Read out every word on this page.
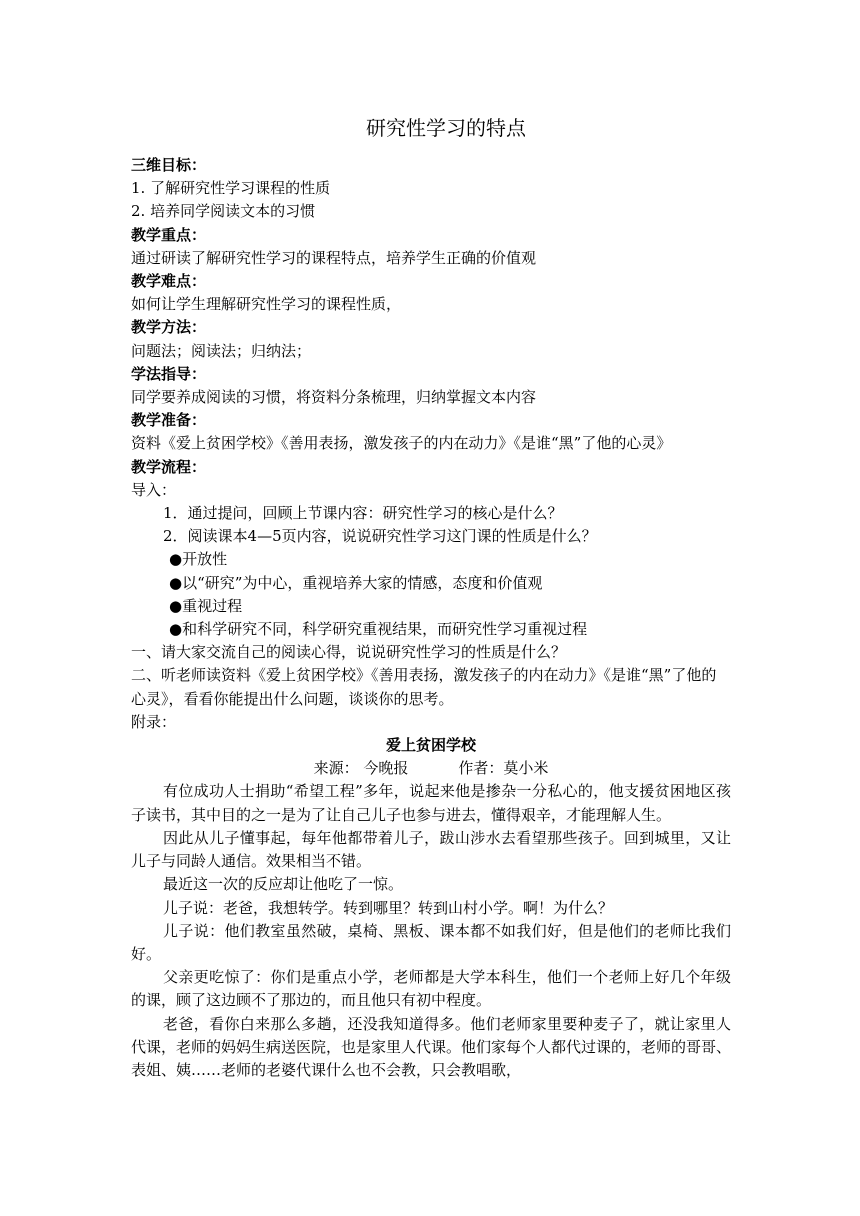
研究性学习的特点
三维目标：
1. 了解研究性学习课程的性质
2. 培养同学阅读文本的习惯
教学重点：
通过研读了解研究性学习的课程特点，培养学生正确的价值观
教学难点：
如何让学生理解研究性学习的课程性质，
教学方法：
问题法；阅读法；归纳法；
学法指导：
同学要养成阅读的习惯，将资料分条梳理，归纳掌握文本内容
教学准备：
资料《爱上贫困学校》《善用表扬，激发孩子的内在动力》《是谁“黑”了他的心灵》
教学流程：
导入：
1．通过提问，回顾上节课内容：研究性学习的核心是什么？
2．阅读课本4—5页内容，说说研究性学习这门课的性质是什么？
●开放性
●以“研究”为中心，重视培养大家的情感，态度和价值观
●重视过程
●和科学研究不同，科学研究重视结果，而研究性学习重视过程
一、请大家交流自己的阅读心得，说说研究性学习的性质是什么？
二、听老师读资料《爱上贫困学校》《善用表扬，激发孩子的内在动力》《是谁“黑”了他的心灵》，看看你能提出什么问题，谈谈你的思考。
附录：
爱上贫困学校
来源： 今晚报	作者：莫小米
有位成功人士捐助“希望工程”多年，说起来他是掺杂一分私心的，他支援贫困地区孩子读书，其中目的之一是为了让自己儿子也参与进去，懂得艰辛，才能理解人生。
因此从儿子懂事起，每年他都带着儿子，跋山涉水去看望那些孩子。回到城里，又让儿子与同龄人通信。效果相当不错。
最近这一次的反应却让他吃了一惊。
儿子说：老爸，我想转学。转到哪里？转到山村小学。啊！为什么？
儿子说：他们教室虽然破，桌椅、黑板、课本都不如我们好，但是他们的老师比我们好。
父亲更吃惊了：你们是重点小学，老师都是大学本科生，他们一个老师上好几个年级的课，顾了这边顾不了那边的，而且他只有初中程度。
老爸，看你白来那么多趟，还没我知道得多。他们老师家里要种麦子了，就让家里人代课，老师的妈妈生病送医院，也是家里人代课。他们家每个人都代过课的，老师的哥哥、表姐、姨……老师的老婆代课什么也不会教，只会教唱歌，
